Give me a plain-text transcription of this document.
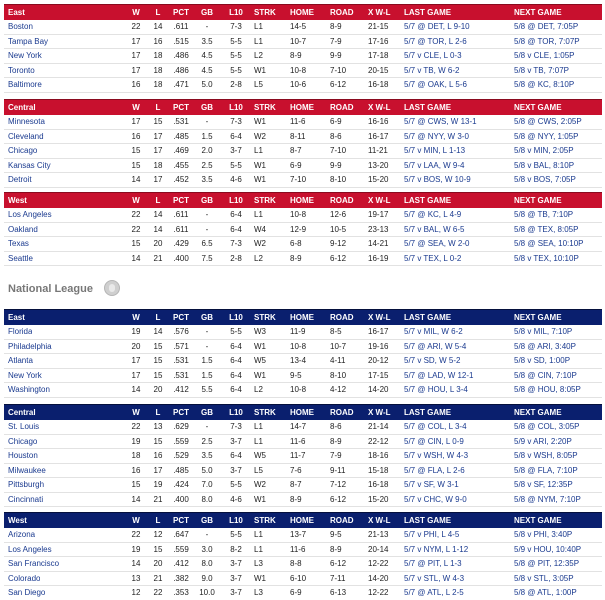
East	W	L	PCT	GB	L10	STRK	HOME	ROAD	X W-L	LAST GAME	NEXT GAME
Boston	22	14	.611	-	7-3	L1	14-5	8-9	21-15	5/7 @ DET, L 9-10	5/8 @ DET, 7:05P
Tampa Bay	17	16	.515	3.5	5-5	L1	10-7	7-9	17-16	5/7 @ TOR, L 2-6	5/8 @ TOR, 7:07P
New York	17	18	.486	4.5	5-5	L2	8-9	9-9	17-18	5/7 v CLE, L 0-3	5/8 v CLE, 1:05P
Toronto	17	18	.486	4.5	5-5	W1	10-8	7-10	20-15	5/7 v TB, W 6-2	5/8 v TB, 7:07P
Baltimore	16	18	.471	5.0	2-8	L5	10-6	6-12	16-18	5/7 @ OAK, L 5-6	5/8 @ KC, 8:10P
Central	W	L	PCT	GB	L10	STRK	HOME	ROAD	X W-L	LAST GAME	NEXT GAME
Minnesota	17	15	.531	-	7-3	W1	11-6	6-9	16-16	5/7 @ CWS, W 13-1	5/8 @ CWS, 2:05P
Cleveland	16	17	.485	1.5	6-4	W2	8-11	8-6	16-17	5/7 @ NYY, W 3-0	5/8 @ NYY, 1:05P
Chicago	15	17	.469	2.0	3-7	L1	8-7	7-10	11-21	5/7 v MIN, L 1-13	5/8 v MIN, 2:05P
Kansas City	15	18	.455	2.5	5-5	W1	6-9	9-9	13-20	5/7 v LAA, W 9-4	5/8 v BAL, 8:10P
Detroit	14	17	.452	3.5	4-6	W1	7-10	8-10	15-20	5/7 v BOS, W 10-9	5/8 v BOS, 7:05P
West	W	L	PCT	GB	L10	STRK	HOME	ROAD	X W-L	LAST GAME	NEXT GAME
Los Angeles	22	14	.611	-	6-4	L1	10-8	12-6	19-17	5/7 @ KC, L 4-9	5/8 @ TB, 7:10P
Oakland	22	14	.611	-	6-4	W4	12-9	10-5	23-13	5/7 v BAL, W 6-5	5/8 @ TEX, 8:05P
Texas	15	20	.429	6.5	7-3	W2	6-8	9-12	14-21	5/7 @ SEA, W 2-0	5/8 @ SEA, 10:10P
Seattle	14	21	.400	7.5	2-8	L2	8-9	6-12	16-19	5/7 v TEX, L 0-2	5/8 v TEX, 10:10P
East	W	L	PCT	GB	L10	STRK	HOME	ROAD	X W-L	LAST GAME	NEXT GAME
Florida	19	14	.576	-	5-5	W3	11-9	8-5	16-17	5/7 v MIL, W 6-2	5/8 v MIL, 7:10P
Philadelphia	20	15	.571	-	6-4	W1	10-8	10-7	19-16	5/7 @ ARI, W 5-4	5/8 @ ARI, 3:40P
Atlanta	17	15	.531	1.5	6-4	W5	13-4	4-11	20-12	5/7 v SD, W 5-2	5/8 v SD, 1:00P
New York	17	15	.531	1.5	6-4	W1	9-5	8-10	17-15	5/7 @ LAD, W 12-1	5/8 @ CIN, 7:10P
Washington	14	20	.412	5.5	6-4	L2	10-8	4-12	14-20	5/7 @ HOU, L 3-4	5/8 @ HOU, 8:05P
Central	W	L	PCT	GB	L10	STRK	HOME	ROAD	X W-L	LAST GAME	NEXT GAME
St. Louis	22	13	.629	-	7-3	L1	14-7	8-6	21-14	5/7 @ COL, L 3-4	5/8 @ COL, 3:05P
Chicago	19	15	.559	2.5	3-7	L1	11-6	8-9	22-12	5/7 @ CIN, L 0-9	5/9 v ARI, 2:20P
Houston	18	16	.529	3.5	6-4	W5	11-7	7-9	18-16	5/7 v WSH, W 4-3	5/8 v WSH, 8:05P
Milwaukee	16	17	.485	5.0	3-7	L5	7-6	9-11	15-18	5/7 @ FLA, L 2-6	5/8 @ FLA, 7:10P
Pittsburgh	15	19	.424	7.0	5-5	W2	8-7	7-12	16-18	5/7 v SF, W 3-1	5/8 v SF, 12:35P
Cincinnati	14	21	.400	8.0	4-6	W1	8-9	6-12	15-20	5/7 v CHC, W 9-0	5/8 @ NYM, 7:10P
West	W	L	PCT	GB	L10	STRK	HOME	ROAD	X W-L	LAST GAME	NEXT GAME
Arizona	22	12	.647	-	5-5	L1	13-7	9-5	21-13	5/7 v PHI, L 4-5	5/8 v PHI, 3:40P
Los Angeles	19	15	.559	3.0	8-2	L1	11-6	8-9	20-14	5/7 v NYM, L 1-12	5/9 v HOU, 10:40P
San Francisco	14	20	.412	8.0	3-7	L3	8-8	6-12	12-22	5/7 @ PIT, L 1-3	5/8 @ PIT, 12:35P
Colorado	13	21	.382	9.0	3-7	W1	6-10	7-11	14-20	5/7 v STL, W 4-3	5/8 v STL, 3:05P
San Diego	12	22	.353	10.0	3-7	L3	6-9	6-13	12-22	5/7 @ ATL, L 2-5	5/8 @ ATL, 1:00P
National League
